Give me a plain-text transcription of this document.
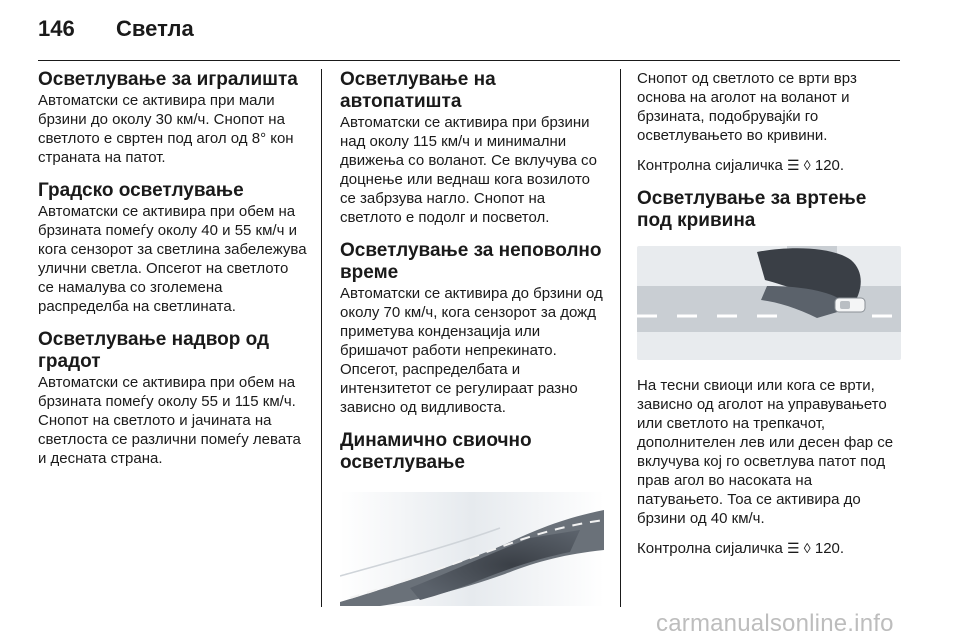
146 Светла
Осветлување за игралишта

Автоматски се активира при мали брзини до околу 30 км/ч. Снопот на светлото е свртен под агол од 8° кон страната на патот.

Градско осветлување

Автоматски се активира при обем на брзината помеѓу околу 40 и 55 км/ч и кога сензорот за светлина забележува улични светла. Опсегот на светлото се намалува со зголемена распределба на светлината.

Осветлување надвор од градот

Автоматски се активира при обем на брзината помеѓу околу 55 и 115 км/ч. Снопот на светлото и јачината на светлоста се различни помеѓу левата и десната страна.

Осветлување на автопатишта

Автоматски се активира при брзини над околу 115 км/ч и минимални движења со воланот. Се вклучува со доцнење или веднаш кога возилото се забрзува нагло. Снопот на светлото е подолг и посветол.

Осветлување за неповолно време

Автоматски се активира до брзини од околу 70 км/ч, кога сензорот за дожд приметува кондензација или бришачот работи непрекинато. Опсегот, распределбата и интензитетот се регулираат разно зависно од видливоста.

Динамично свиочно осветлување

Снопот од светлото се врти врз основа на аголот на воланот и брзината, подобрувајќи го осветлувањето во кривини.

Контролна сијаличка ☰ ◊ 120.

Осветлување за вртење под кривина

На тесни свиоци или кога се врти, зависно од аголот на управувањето или светлото на трепкачот, дополнителен лев или десен фар се вклучува кој го осветлува патот под прав агол во насоката на патувањето. Тоа се активира до брзини од 40 км/ч.

Контролна сијаличка ☰ ◊ 120.

carmanualsonline.info
